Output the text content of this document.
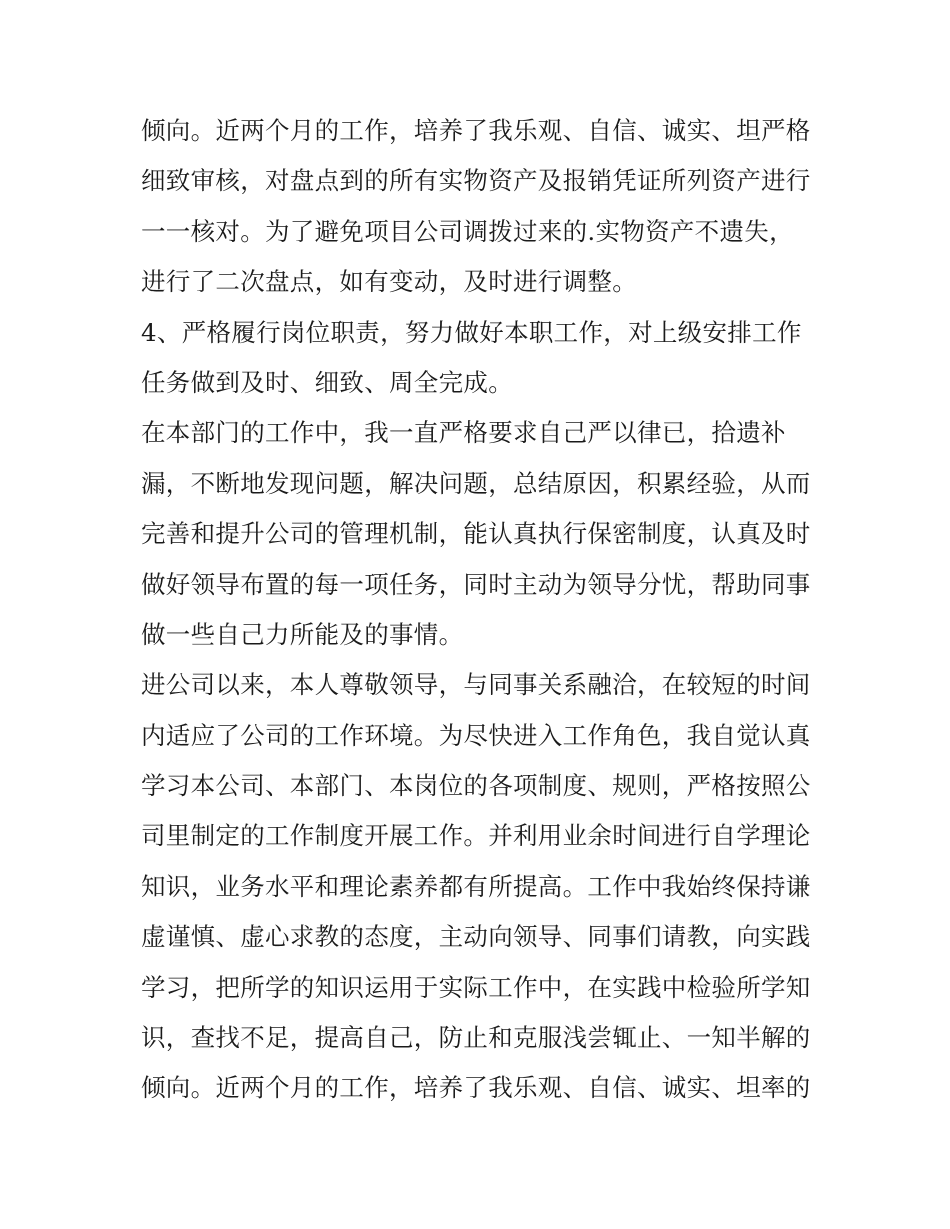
倾向。近两个月的工作，培养了我乐观、自信、诚实、坦严格
细致审核，对盘点到的所有实物资产及报销凭证所列资产进行
一一核对。为了避免项目公司调拨过来的.实物资产不遗失，
进行了二次盘点，如有变动，及时进行调整。
4、严格履行岗位职责，努力做好本职工作，对上级安排工作
任务做到及时、细致、周全完成。
在本部门的工作中，我一直严格要求自己严以律已，拾遗补
漏，不断地发现问题，解决问题，总结原因，积累经验，从而
完善和提升公司的管理机制，能认真执行保密制度，认真及时
做好领导布置的每一项任务，同时主动为领导分忧，帮助同事
做一些自己力所能及的事情。
进公司以来，本人尊敬领导，与同事关系融洽，在较短的时间
内适应了公司的工作环境。为尽快进入工作角色，我自觉认真
学习本公司、本部门、本岗位的各项制度、规则，严格按照公
司里制定的工作制度开展工作。并利用业余时间进行自学理论
知识，业务水平和理论素养都有所提高。工作中我始终保持谦
虚谨慎、虚心求教的态度，主动向领导、同事们请教，向实践
学习，把所学的知识运用于实际工作中，在实践中检验所学知
识，查找不足，提高自己，防止和克服浅尝辄止、一知半解的
倾向。近两个月的工作，培养了我乐观、自信、诚实、坦率的
